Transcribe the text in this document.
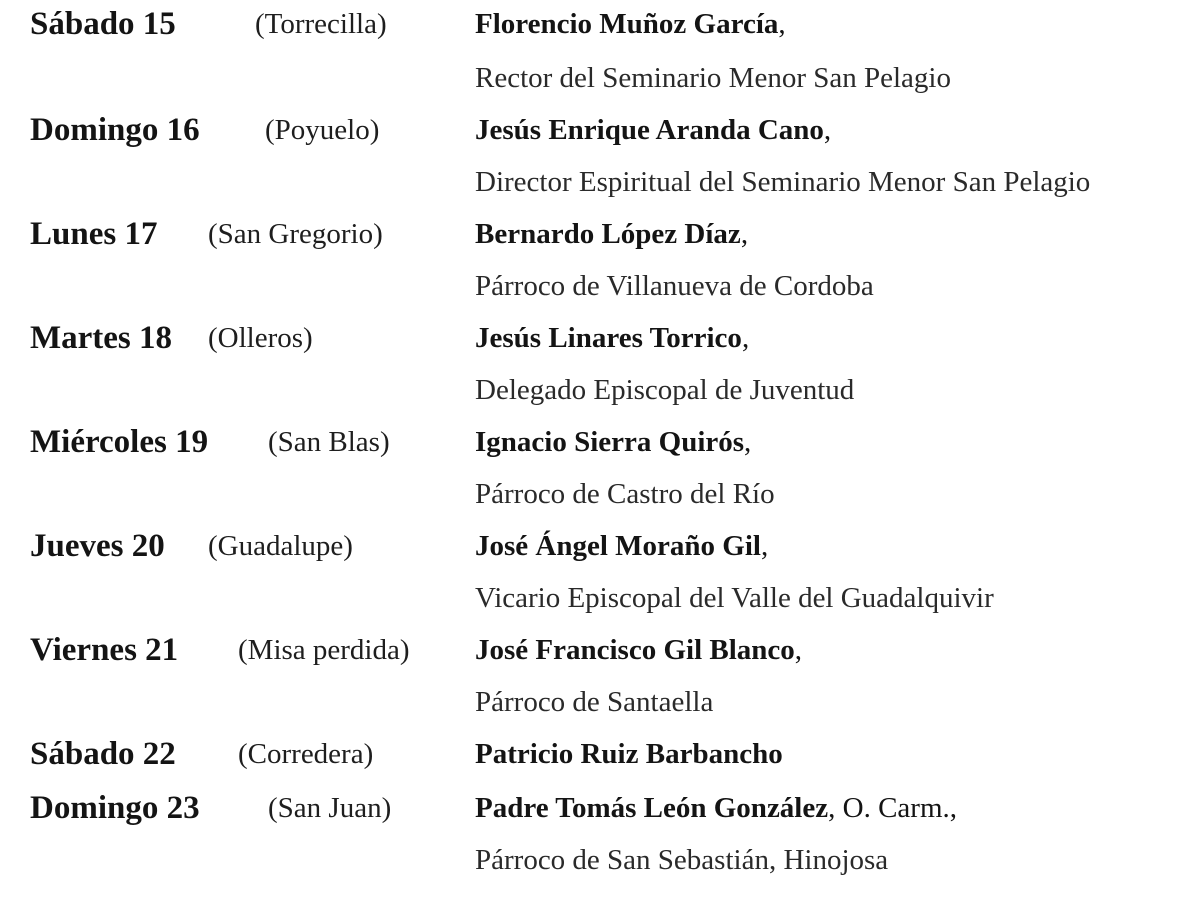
Sábado 15	(Torrecilla)	Florencio Muñoz García,
Rector del Seminario Menor San Pelagio
Domingo 16 (Poyuelo)	Jesús Enrique Aranda Cano,
Director Espiritual del Seminario Menor San Pelagio
Lunes 17 (San Gregorio)	Bernardo López Díaz,
Párroco de Villanueva de Cordoba
Martes 18 (Olleros)	Jesús Linares Torrico,
Delegado Episcopal de Juventud
Miércoles 19 (San Blas)	Ignacio Sierra Quirós,
Párroco de Castro del Río
Jueves 20 (Guadalupe)	José Ángel Moraño Gil,
Vicario Episcopal del Valle del Guadalquivir
Viernes 21 (Misa perdida) José Francisco Gil Blanco,
Párroco de Santaella
Sábado 22 (Corredera)	Patricio Ruiz Barbancho
Domingo 23 (San Juan)	Padre Tomás León González, O. Carm.,
Párroco de San Sebastián, Hinojosa
